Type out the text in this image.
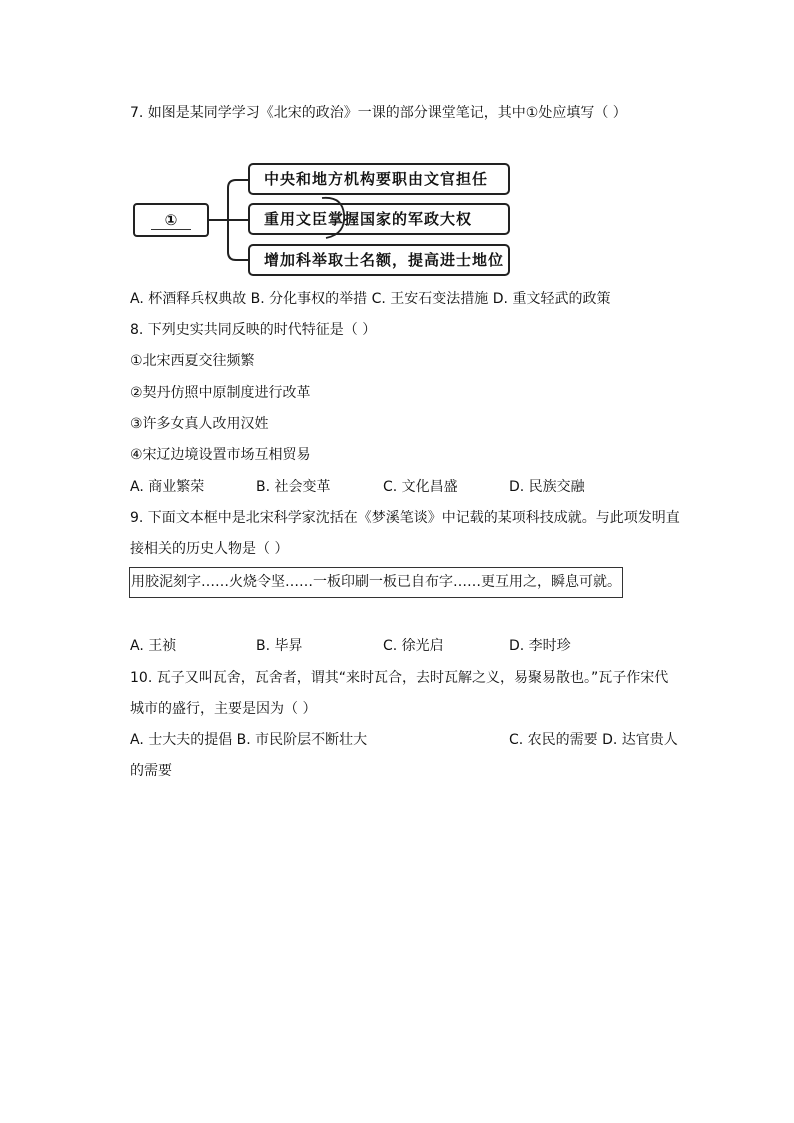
7. 如图是某同学学习《北宋的政治》一课的部分课堂笔记，其中①处应填写（ ）
①
中央和地方机构要职由文官担任
重用文臣掌握国家的军政大权
增加科举取士名额，提高进士地位
A. 杯酒释兵权典故 B. 分化事权的举措 C. 王安石变法措施 D. 重文轻武的政策
8. 下列史实共同反映的时代特征是（ ）
①北宋西夏交往频繁
②契丹仿照中原制度进行改革
③许多女真人改用汉姓
④宋辽边境设置市场互相贸易
A. 商业繁荣	B. 社会变革	C. 文化昌盛	D. 民族交融
9. 下面文本框中是北宋科学家沈括在《梦溪笔谈》中记载的某项科技成就。与此项发明直
接相关的历史人物是（ ）
用胶泥刻字……火烧令坚……一板印刷一板已自布字……更互用之，瞬息可就。
A. 王祯	B. 毕昇	C. 徐光启	D. 李时珍
10. 瓦子又叫瓦舍，瓦舍者，谓其“来时瓦合，去时瓦解之义，易聚易散也。”瓦子作宋代
城市的盛行，主要是因为（ ）
A. 士大夫的提倡 B. 市民阶层不断壮大	C. 农民的需要 D. 达官贵人
的需要
